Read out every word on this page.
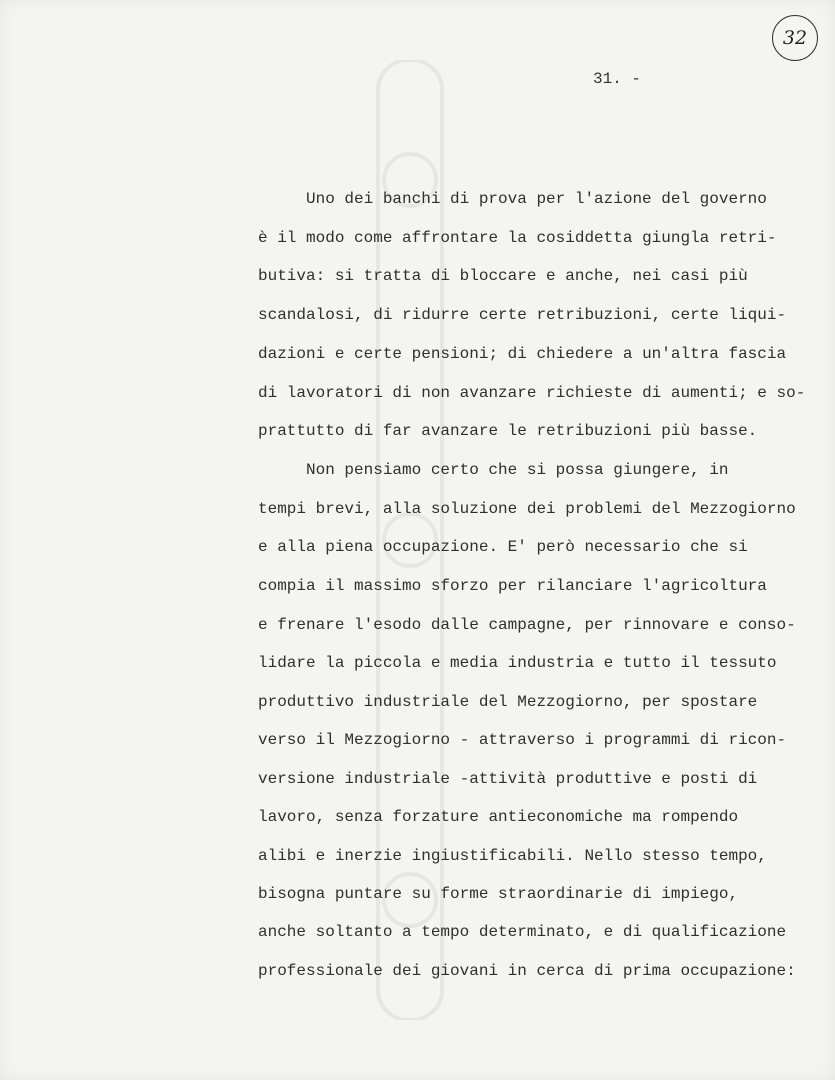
32
31. -
Uno dei banchi di prova per l'azione del governo
è il modo come affrontare la cosiddetta giungla retri-
butiva: si tratta di bloccare e anche, nei casi più
scandalosi, di ridurre certe retribuzioni, certe liqui-
dazioni e certe pensioni; di chiedere a un'altra fascia
di lavoratori di non avanzare richieste di aumenti; e so-
prattutto di far avanzare le retribuzioni più basse.
Non pensiamo certo che si possa giungere, in
tempi brevi, alla soluzione dei problemi del Mezzogiorno
e alla piena occupazione. E' però necessario che si
compia il massimo sforzo per rilanciare l'agricoltura
e frenare l'esodo dalle campagne, per rinnovare e conso-
lidare la piccola e media industria e tutto il tessuto
produttivo industriale del Mezzogiorno, per spostare
verso il Mezzogiorno - attraverso i programmi di ricon-
versione industriale -attività produttive e posti di
lavoro, senza forzature antieconomiche ma rompendo
alibi e inerzie ingiustificabili. Nello stesso tempo,
bisogna puntare su forme straordinarie di impiego,
anche soltanto a tempo determinato, e di qualificazione
professionale dei giovani in cerca di prima occupazione:
